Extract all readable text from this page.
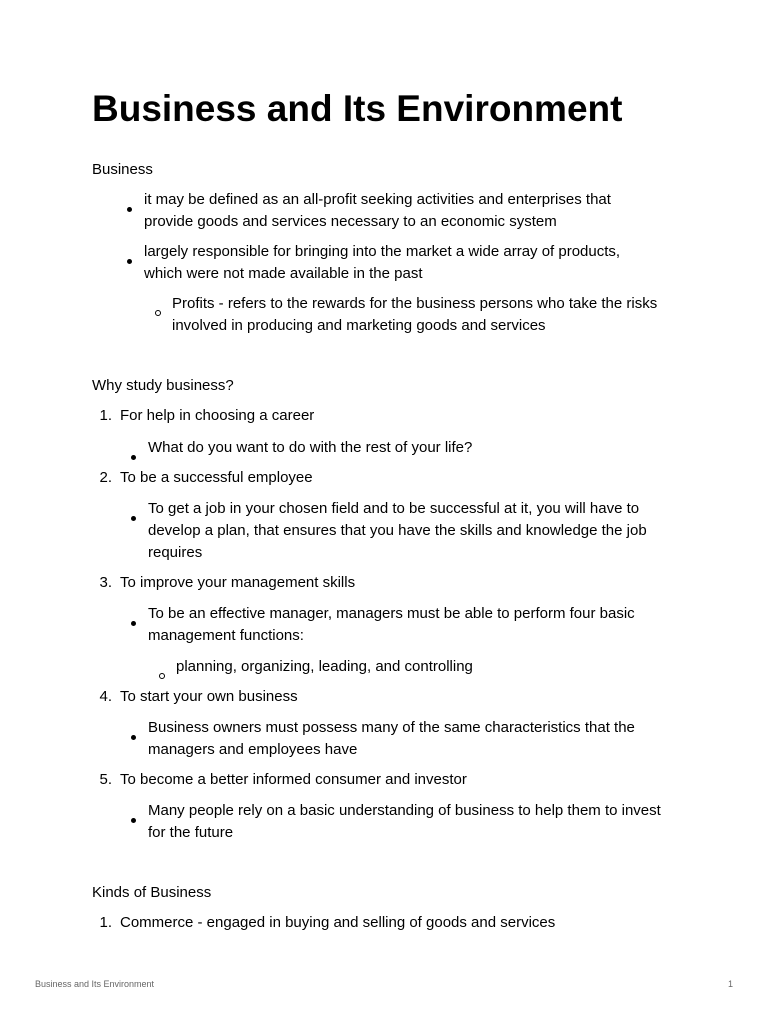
Business and Its Environment

Business

it may be defined as an all-profit seeking activities and enterprises that provide goods and services necessary to an economic system
largely responsible for bringing into the market a wide array of products, which were not made available in the past
Profits - refers to the rewards for the business persons who take the risks involved in producing and marketing goods and services

Why study business?

1. For help in choosing a career
What do you want to do with the rest of your life?
2. To be a successful employee
To get a job in your chosen field and to be successful at it, you will have to develop a plan, that ensures that you have the skills and knowledge the job requires
3. To improve your management skills
To be an effective manager, managers must be able to perform four basic management functions:
planning, organizing, leading, and controlling
4. To start your own business
Business owners must possess many of the same characteristics that the managers and employees have
5. To become a better informed consumer and investor
Many people rely on a basic understanding of business to help them to invest for the future

Kinds of Business

1. Commerce - engaged in buying and selling of goods and services
Business and Its Environment	1
